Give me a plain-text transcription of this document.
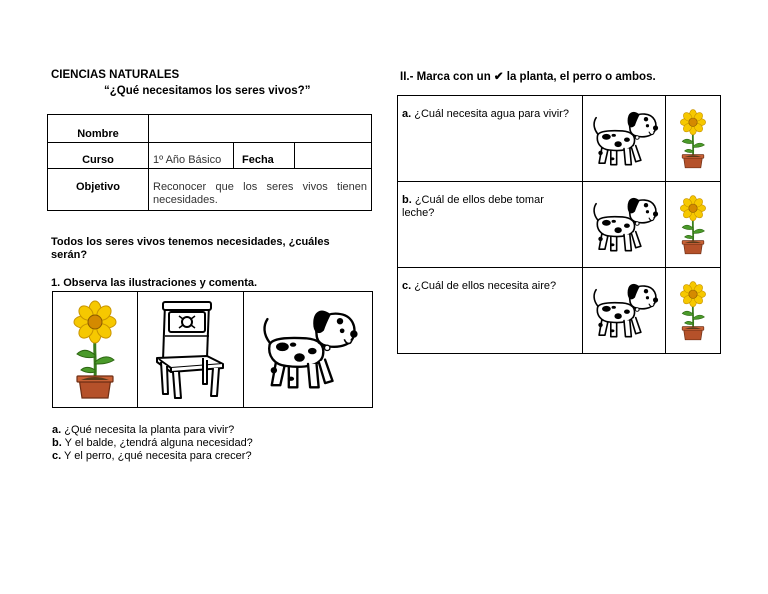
CIENCIAS NATURALES
“¿Qué necesitamos los seres vivos?”
Nombre			
Curso	1º Año Básico	Fecha	
Objetivo	Reconocer que los seres vivos tienen necesidades.		
Todos los seres vivos tenemos necesidades, ¿cuáles serán?
1. Observa las ilustraciones y comenta.

a. ¿Qué necesita la planta para vivir?
b. Y el balde, ¿tendrá alguna necesidad?
c. Y el perro, ¿qué necesita para crecer?
II.- Marca con un ✔ la planta, el perro o ambos.
a. ¿Cuál necesita agua para vivir?	

b. ¿Cuál de ellos debe tomar leche?	

c. ¿Cuál de ellos necesita aire?	
